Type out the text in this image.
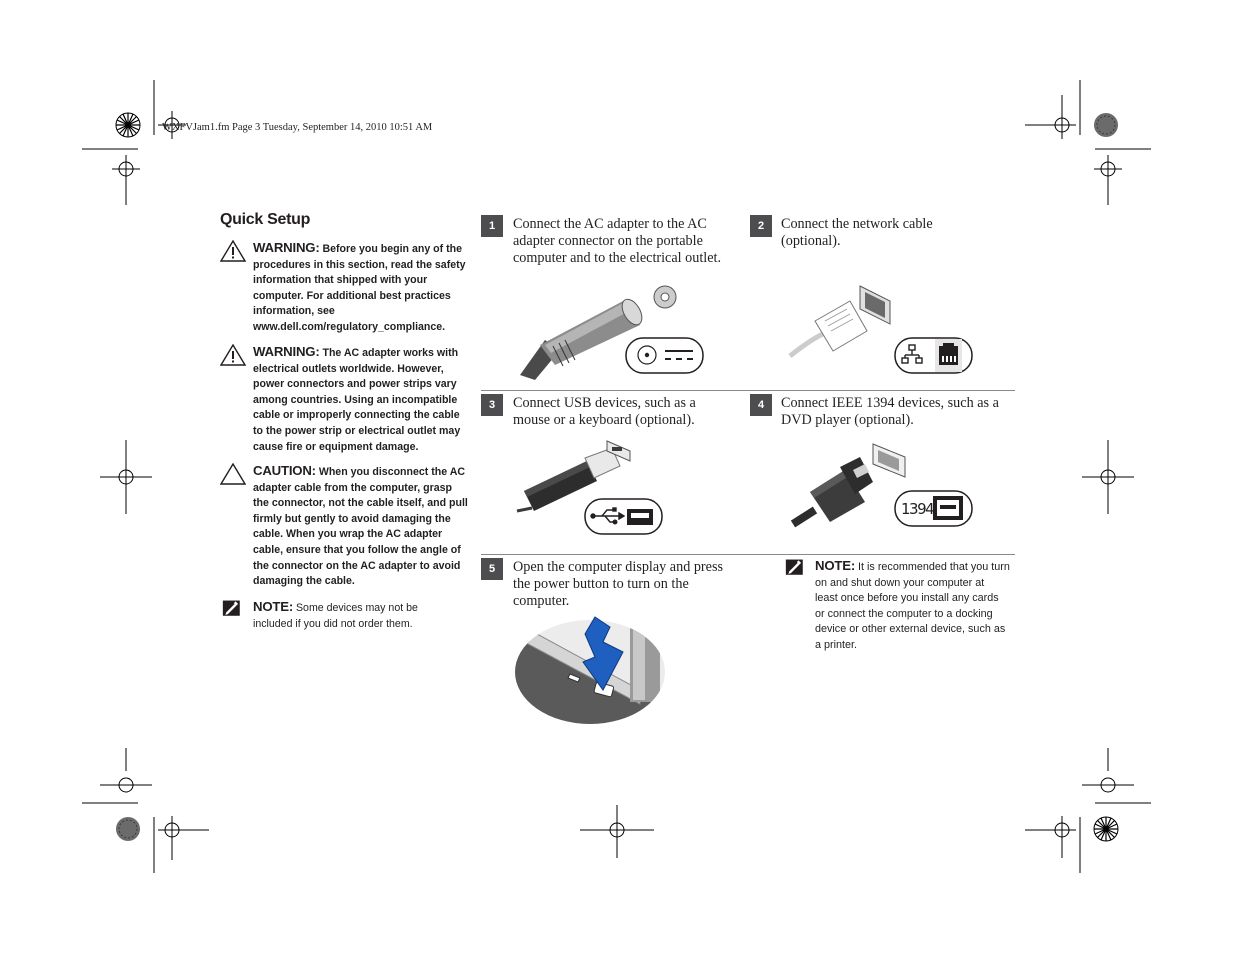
WXFVJam1.fm Page 3 Tuesday, September 14, 2010 10:51 AM
Quick Setup
WARNING: Before you begin any of the procedures in this section, read the safety information that shipped with your computer. For additional best practices information, see www.dell.com/regulatory_compliance.
WARNING: The AC adapter works with electrical outlets worldwide. However, power connectors and power strips vary among countries. Using an incompatible cable or improperly connecting the cable to the power strip or electrical outlet may cause fire or equipment damage.
CAUTION: When you disconnect the AC adapter cable from the computer, grasp the connector, not the cable itself, and pull firmly but gently to avoid damaging the cable. When you wrap the AC adapter cable, ensure that you follow the angle of the connector on the AC adapter to avoid damaging the cable.
NOTE: Some devices may not be included if you did not order them.
1	Connect the AC adapter to the AC adapter connector on the portable computer and to the electrical outlet.
2	Connect the network cable (optional).
3	Connect USB devices, such as a mouse or a keyboard (optional).
4	Connect IEEE 1394 devices, such as a DVD player (optional).
1394
5	Open the computer display and press the power button to turn on the computer.
NOTE: It is recommended that you turn on and shut down your computer at least once before you install any cards or connect the computer to a docking device or other external device, such as a printer.
